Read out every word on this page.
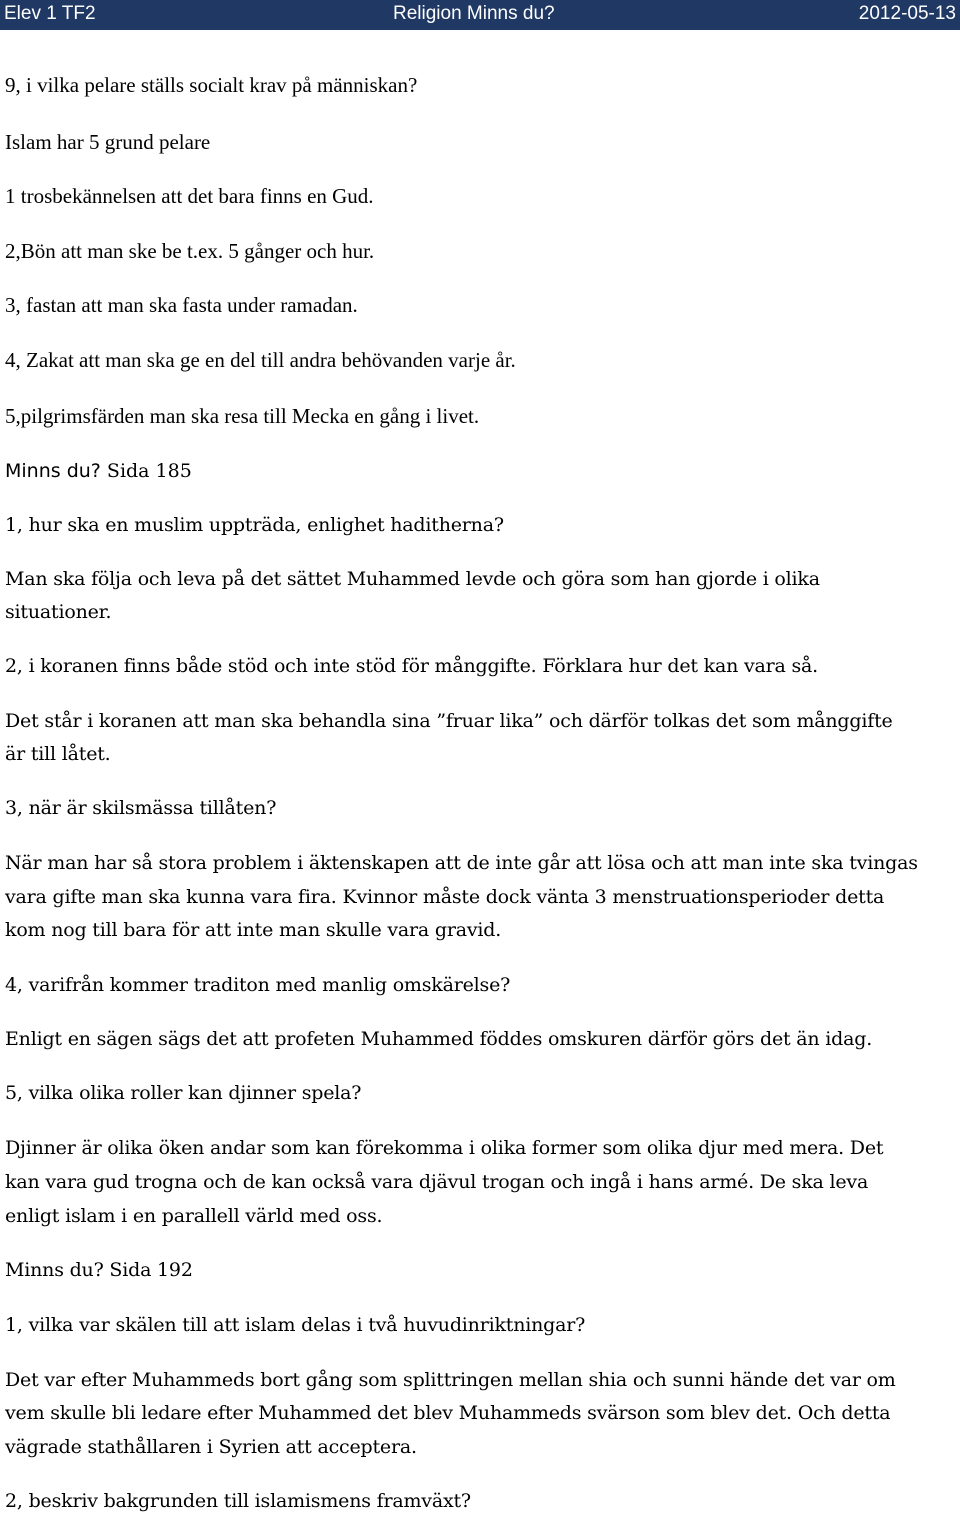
Elev 1 TF2	Religion Minns du?	2012-05-13
9, i vilka pelare ställs socialt krav på människan?
Islam har 5 grund pelare
1 trosbekännelsen att det bara finns en Gud.
2,Bön att man ske be t.ex. 5 gånger och hur.
3, fastan att man ska fasta under ramadan.
4, Zakat att man ska ge en del till andra behövanden varje år.
5,pilgrimsfärden man ska resa till Mecka en gång i livet.
Minns du? Sida 185
1, hur ska en muslim uppträda, enlighet haditherna?
Man ska följa och leva på det sättet Muhammed levde och göra som han gjorde i olika
situationer.
2, i koranen finns både stöd och inte stöd för månggifte. Förklara hur det kan vara så.
Det står i koranen att man ska behandla sina ”fruar lika” och därför tolkas det som månggifte
är till låtet.
3, när är skilsmässa tillåten?
När man har så stora problem i äktenskapen att de inte går att lösa och att man inte ska tvingas
vara gifte man ska kunna vara fira. Kvinnor måste dock vänta 3 menstruationsperioder detta
kom nog till bara för att inte man skulle vara gravid.
4, varifrån kommer traditon med manlig omskärelse?
Enligt en sägen sägs det att profeten Muhammed föddes omskuren därför görs det än idag.
5, vilka olika roller kan djinner spela?
Djinner är olika öken andar som kan förekomma i olika former som olika djur med mera. Det
kan vara gud trogna och de kan också vara djävul trogan och ingå i hans armé. De ska leva
enligt islam i en parallell värld med oss.
Minns du? Sida 192
1, vilka var skälen till att islam delas i två huvudinriktningar?
Det var efter Muhammeds bort gång som splittringen mellan shia och sunni hände det var om
vem skulle bli ledare efter Muhammed det blev Muhammeds svärson som blev det. Och detta
vägrade stathållaren i Syrien att acceptera.
2, beskriv bakgrunden till islamismens framväxt?
